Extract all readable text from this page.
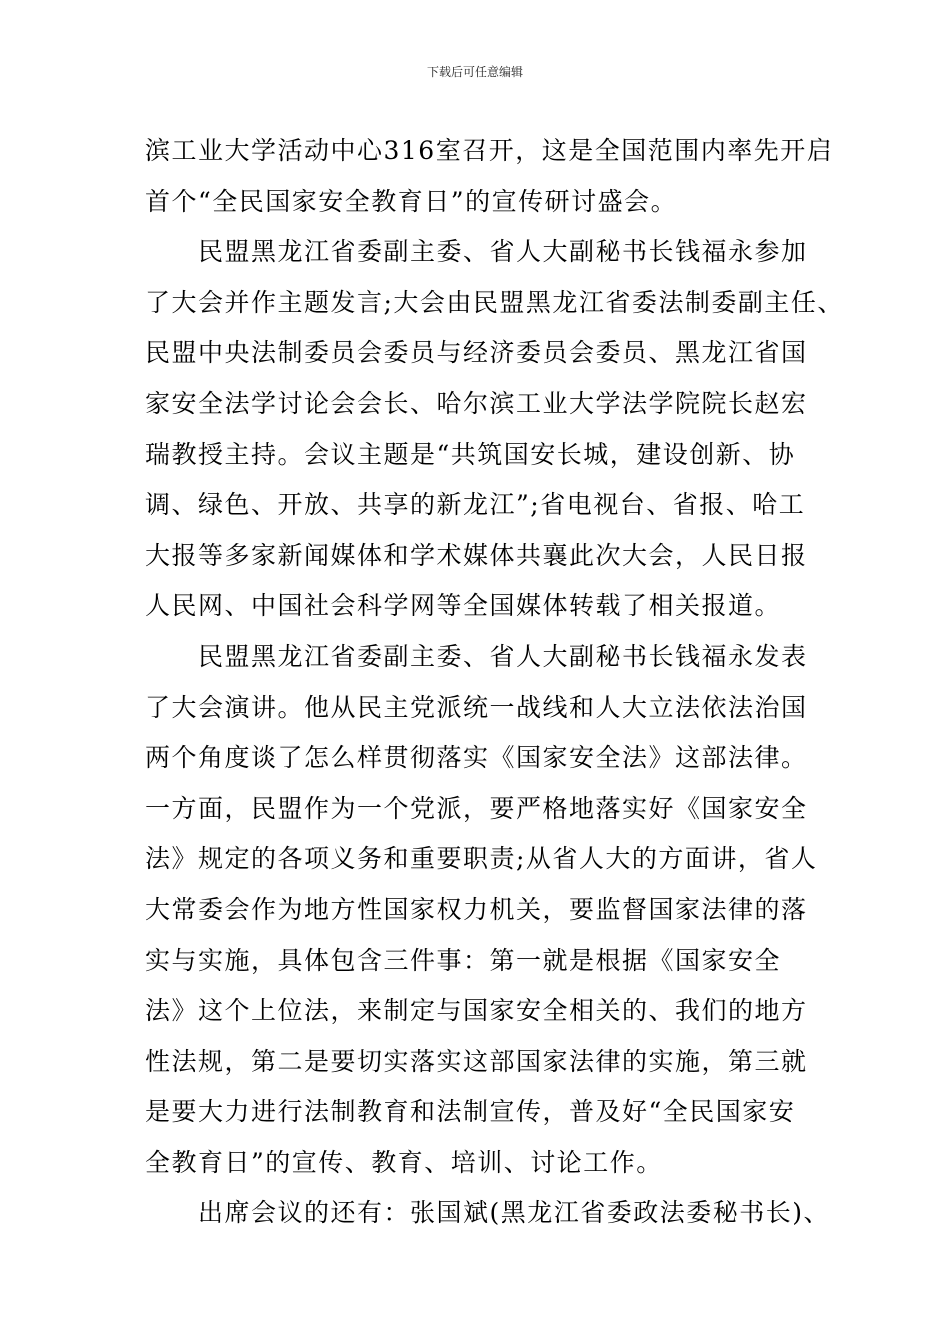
下载后可任意编辑
滨工业大学活动中心316室召开，这是全国范围内率先开启
首个“全民国家安全教育日”的宣传研讨盛会。
　　民盟黑龙江省委副主委、省人大副秘书长钱福永参加
了大会并作主题发言;大会由民盟黑龙江省委法制委副主任、
民盟中央法制委员会委员与经济委员会委员、黑龙江省国
家安全法学讨论会会长、哈尔滨工业大学法学院院长赵宏
瑞教授主持。会议主题是“共筑国安长城，建设创新、协
调、绿色、开放、共享的新龙江”;省电视台、省报、哈工
大报等多家新闻媒体和学术媒体共襄此次大会，人民日报
人民网、中国社会科学网等全国媒体转载了相关报道。
　　民盟黑龙江省委副主委、省人大副秘书长钱福永发表
了大会演讲。他从民主党派统一战线和人大立法依法治国
两个角度谈了怎么样贯彻落实《国家安全法》这部法律。
一方面，民盟作为一个党派，要严格地落实好《国家安全
法》规定的各项义务和重要职责;从省人大的方面讲，省人
大常委会作为地方性国家权力机关，要监督国家法律的落
实与实施，具体包含三件事：第一就是根据《国家安全
法》这个上位法，来制定与国家安全相关的、我们的地方
性法规，第二是要切实落实这部国家法律的实施，第三就
是要大力进行法制教育和法制宣传，普及好“全民国家安
全教育日”的宣传、教育、培训、讨论工作。
　　出席会议的还有：张国斌(黑龙江省委政法委秘书长)、
